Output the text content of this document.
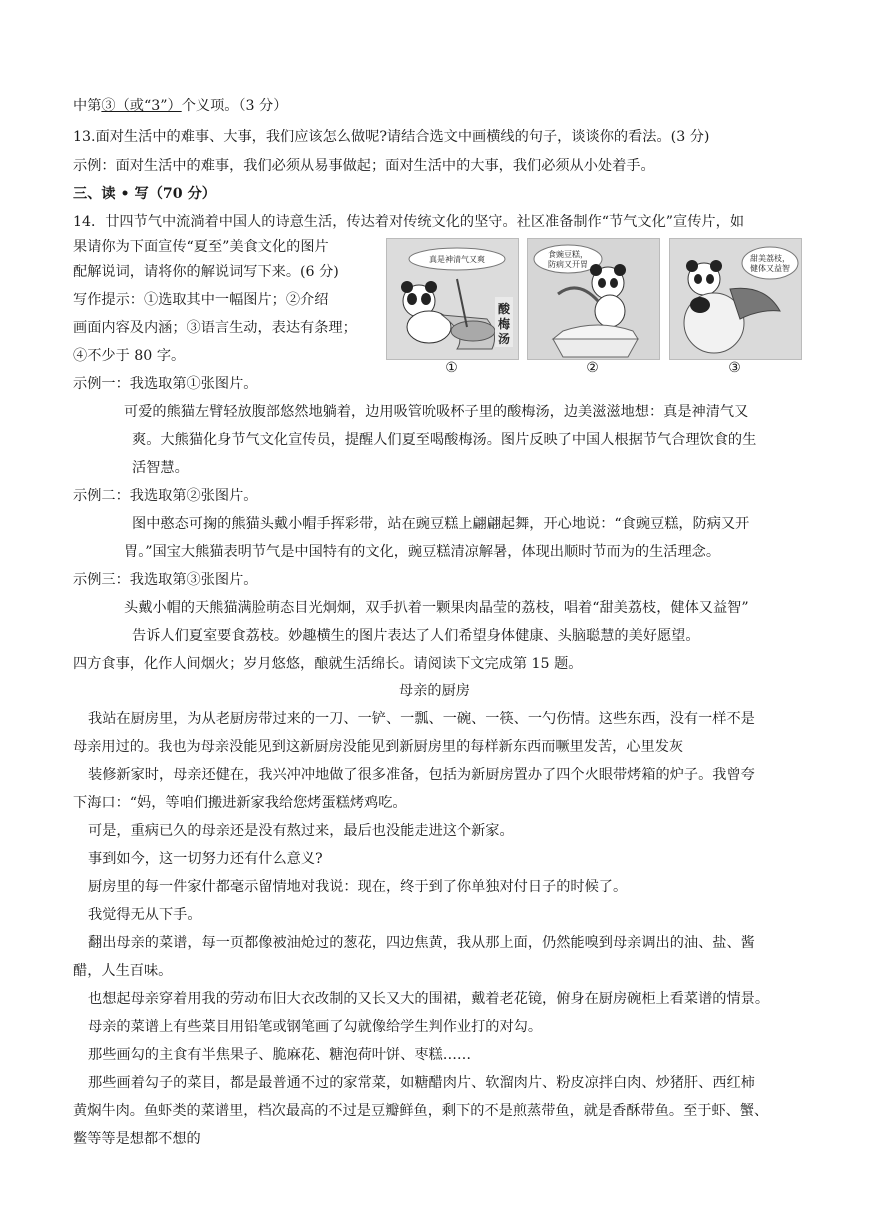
中第③（或“3”）个义项。（3 分）
13.面对生活中的难事、大事，我们应该怎么做呢?请结合选文中画横线的句子，谈谈你的看法。(3 分)
示例：面对生活中的难事，我们必须从易事做起；面对生活中的大事，我们必须从小处着手。
三、读 • 写（70 分）
14．廿四节气中流淌着中国人的诗意生活，传达着对传统文化的坚守。社区准备制作“节气文化”宣传片，如
果请你为下面宣传“夏至”美食文化的图片
配解说词，请将你的解说词写下来。(6 分)
写作提示：①选取其中一幅图片；②介绍
画面内容及内涵；③语言生动，表达有条理；
④不少于 80 字。
真是神清气又爽
酸
梅
汤
食豌豆糕，
防病又开胃
甜美荔枝，
健体又益智
①	②	③
示例一：我选取第①张图片。
可爱的熊猫左臂轻放腹部悠然地躺着，边用吸管吮吸杯子里的酸梅汤，边美滋滋地想：真是神清气又
爽。大熊猫化身节气文化宣传员，提醒人们夏至喝酸梅汤。图片反映了中国人根据节气合理饮食的生
活智慧。
示例二：我选取第②张图片。
图中憨态可掬的熊猫头戴小帽手挥彩带，站在豌豆糕上翩翩起舞，开心地说：“食豌豆糕，防病又开
胃。”国宝大熊猫表明节气是中国特有的文化，豌豆糕清凉解暑，体现出顺时节而为的生活理念。
示例三：我选取第③张图片。
头戴小帽的天熊猫满脸萌态目光炯炯，双手扒着一颗果肉晶莹的荔枝，唱着“甜美荔枝，健体又益智”
告诉人们夏室要食荔枝。妙趣横生的图片表达了人们希望身体健康、头脑聪慧的美好愿望。
四方食事，化作人间烟火；岁月悠悠，酿就生活绵长。请阅读下文完成第 15 题。
母亲的厨房
我站在厨房里，为从老厨房带过来的一刀、一铲、一瓢、一碗、一筷、一勺伤情。这些东西，没有一样不是
母亲用过的。我也为母亲没能见到这新厨房没能见到新厨房里的每样新东西而噘里发苦，心里发灰
装修新家时，母亲还健在，我兴冲冲地做了很多准备，包括为新厨房置办了四个火眼带烤箱的炉子。我曾夸
下海口：“妈，等咱们搬进新家我给您烤蛋糕烤鸡吃。
可是，重病已久的母亲还是没有熬过来，最后也没能走进这个新家。
事到如今，这一切努力还有什么意义?
厨房里的每一件家什都毫示留情地对我说：现在，终于到了你单独对付日子的时候了。
我觉得无从下手。
翻出母亲的菜谱，每一页都像被油炝过的葱花，四边焦黄，我从那上面，仍然能嗅到母亲调出的油、盐、酱
醋，人生百味。
也想起母亲穿着用我的劳动布旧大衣改制的又长又大的围裙，戴着老花镜，俯身在厨房碗柜上看菜谱的情景。
母亲的菜谱上有些菜目用铅笔或钢笔画了勾就像给学生判作业打的对勾。
那些画勾的主食有半焦果子、脆麻花、糖泡荷叶饼、枣糕……
那些画着勾子的菜目，都是最普通不过的家常菜，如糖醋肉片、软溜肉片、粉皮凉拌白肉、炒猪肝、西红柿
黄焖牛肉。鱼虾类的菜谱里，档次最高的不过是豆瓣鲜鱼，剩下的不是煎蒸带鱼，就是香酥带鱼。至于虾、蟹、
鳖等等是想都不想的
